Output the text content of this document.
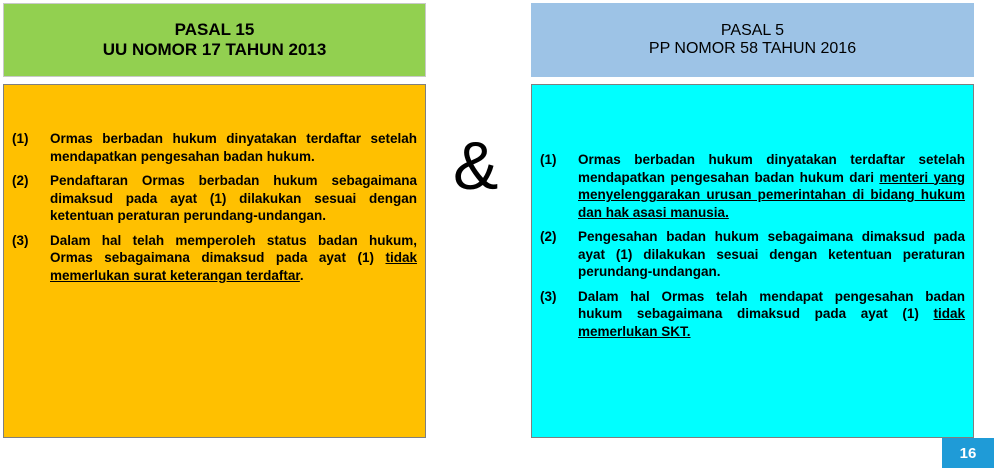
PASAL 15
UU NOMOR 17 TAHUN 2013
PASAL 5
PP NOMOR 58 TAHUN 2016
(1)	Ormas berbadan hukum dinyatakan terdaftar setelah mendapatkan pengesahan badan hukum.
(2)	Pendaftaran Ormas berbadan hukum sebagaimana dimaksud pada ayat (1) dilakukan sesuai dengan ketentuan peraturan perundang-undangan.
(3)	Dalam hal telah memperoleh status badan hukum, Ormas sebagaimana dimaksud pada ayat (1) tidak memerlukan surat keterangan terdaftar.
&	(1)	Ormas berbadan hukum dinyatakan terdaftar setelah mendapatkan pengesahan badan hukum dari menteri yang menyelenggarakan urusan pemerintahan di bidang hukum dan hak asasi manusia.
(2)	Pengesahan badan hukum sebagaimana dimaksud pada ayat (1) dilakukan sesuai dengan ketentuan peraturan perundang-undangan.
(3)	Dalam hal Ormas telah mendapat pengesahan badan hukum sebagaimana dimaksud pada ayat (1) tidak memerlukan SKT.
16
